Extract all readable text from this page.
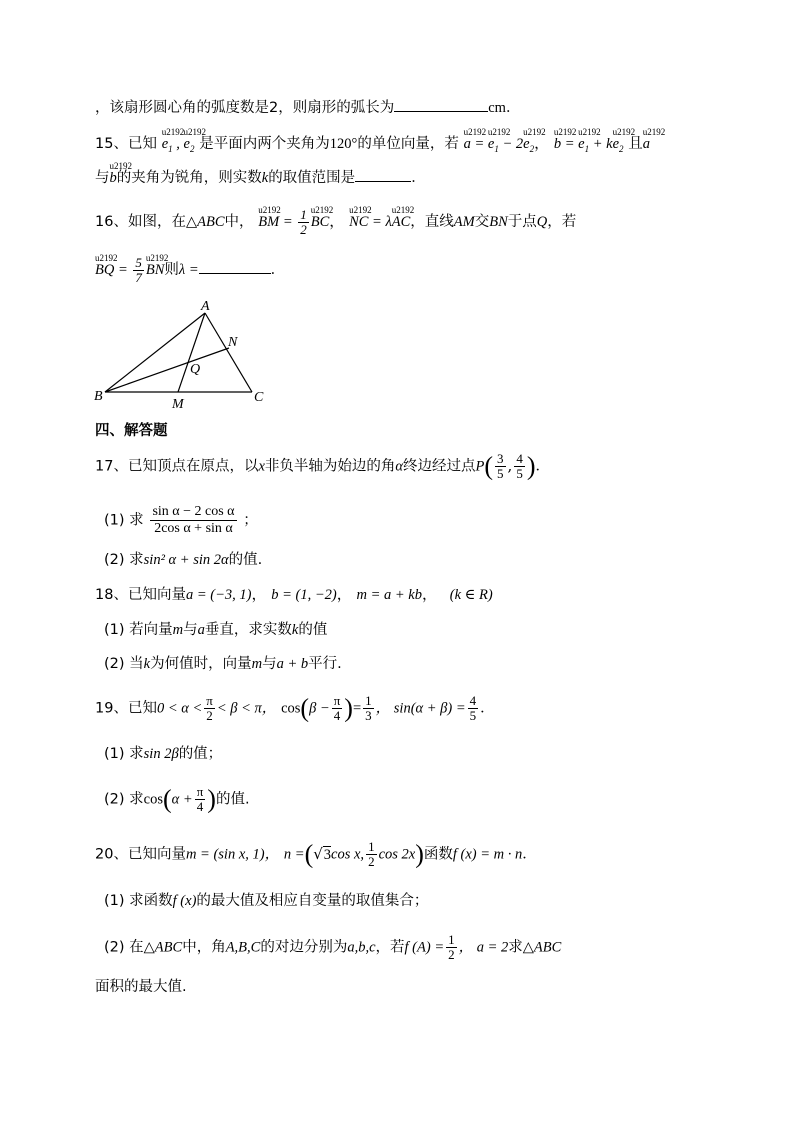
，该扇形圆心角的弧度数是2，则扇形的弧长为	cm．
15、已知 u2192 $e_1$ , u2192 $e_2$ 是平面内两个夹角为120°的单位向量，若 u2192 a = u2192 $e_1 - 2u2192$ $e_2$， u2192 b = u2192 $e_1 + ku2192$ $e_2$ 且u2192 a
与u2192 b的夹角为锐角，则实数k的取值范围是	．
16、如图，在△ABC中， u2192 BM = $\frac{1}{2}$
u2192 BC， u2192 NC = λu2192 AC，直线AM交BN于点Q，若
u2192 BQ = $\frac{5}{7}$
u2192 BN则λ =	．
A
N
Q
B
M	C
四、解答题
17、已知顶点在原点，以x非负半轴为始边的角α终边经过点$P( \frac{3}{5}$ , $\frac{4}{5}$ )．
(1) 求 $\frac{\text{sin α − 2 cos α}}{\text{2cos α + sin α}}$ ；
(2) 求sin² α + sin 2α的值.
18、已知向量a = (−3, 1)， b = (1, −2)， m = a + kb， (k ∈ R)
(1) 若向量m与a垂直，求实数k的值
(2) 当k为何值时，向量m与a + b平行.
19、已知$0 < \alpha < \frac{\pi}{2} < \beta < \pi$， $\cos(\beta - \frac{\pi}{4}$ )= $\frac{1}{3}$ ， $\sin(\alpha + \beta) = \frac{4}{5}$ ．
(1) 求sin 2β的值；
(2) 求$\cos(\alpha + \frac{\pi}{4}$ )的值.
20、已知向量m = (sin x, 1)， n =(√3cos x, $\frac{1}{2}$ cos 2x)函数f (x) = m · n．
(1) 求函数f (x)的最大值及相应自变量的取值集合；
(2) 在△ABC中，角A,B,C的对边分别为a,b,c，若f $(A) = \frac{1}{2}$ ， a = 2求△ABC
面积的最大值.
